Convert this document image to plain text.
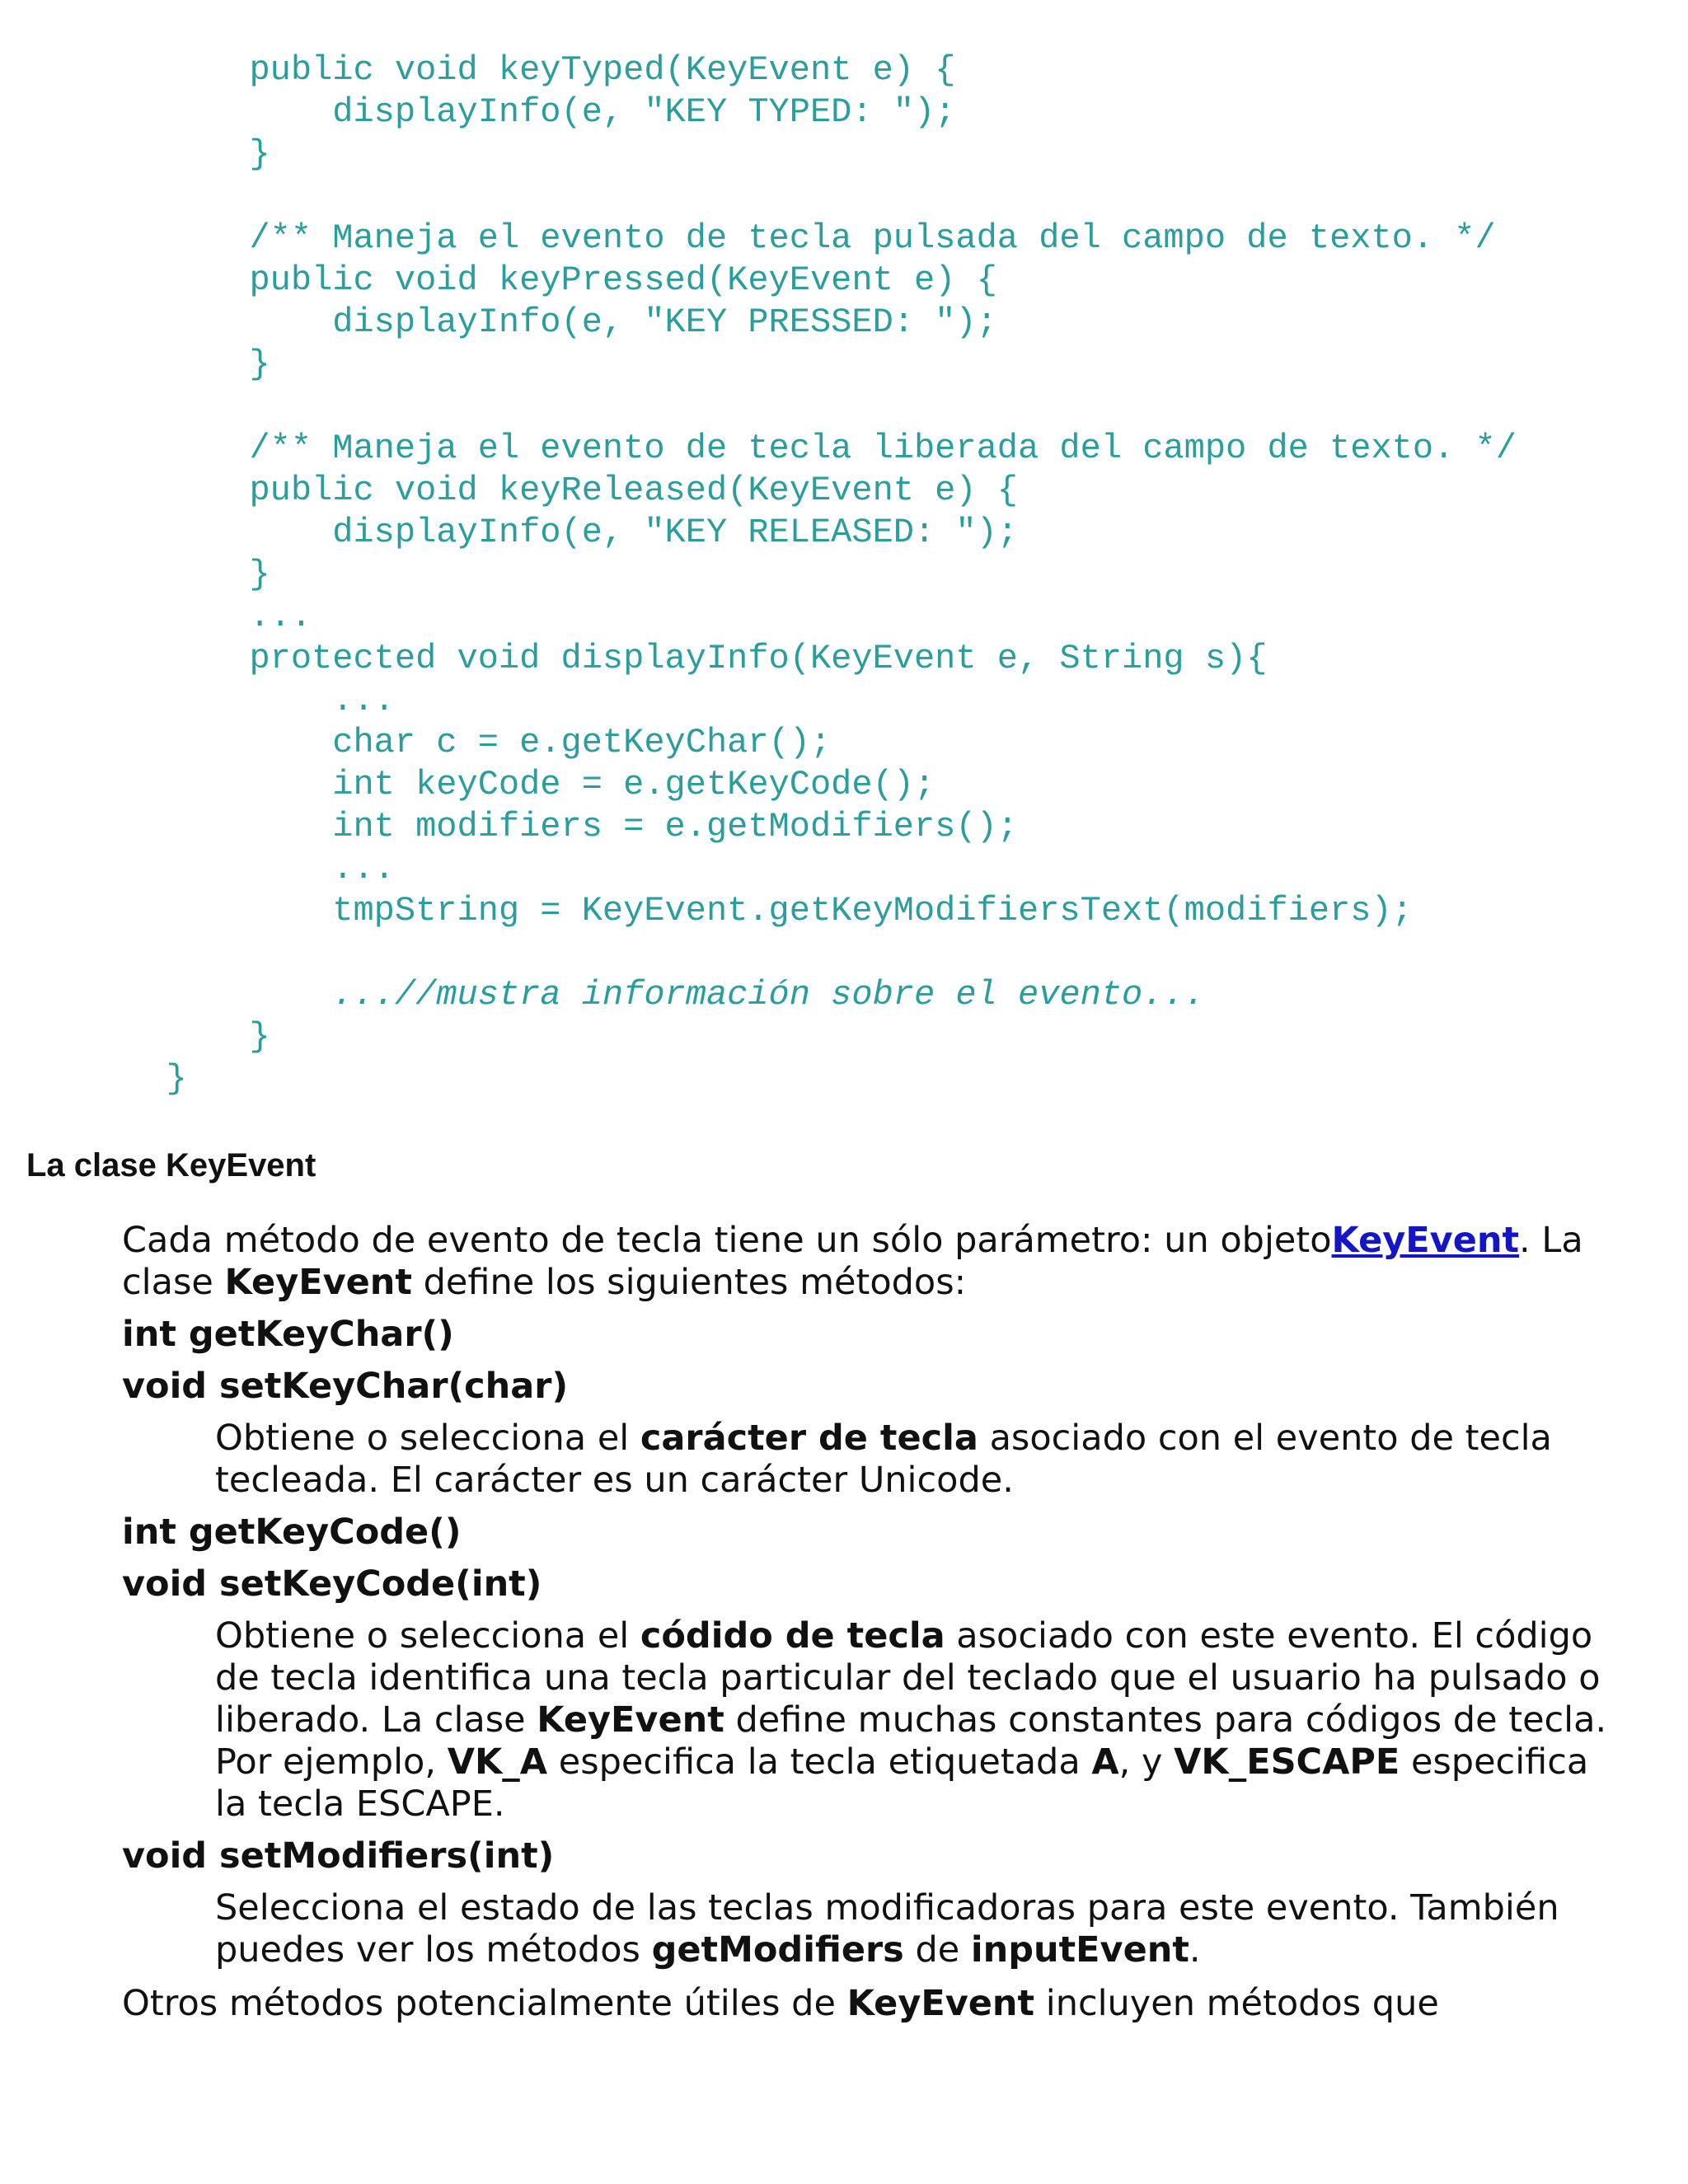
public void keyTyped(KeyEvent e) {
displayInfo(e, "KEY TYPED: ");
}
/** Maneja el evento de tecla pulsada del campo de texto. */
public void keyPressed(KeyEvent e) {
displayInfo(e, "KEY PRESSED: ");
}
/** Maneja el evento de tecla liberada del campo de texto. */
public void keyReleased(KeyEvent e) {
displayInfo(e, "KEY RELEASED: ");
}
...
protected void displayInfo(KeyEvent e, String s){
...
char c = e.getKeyChar();
int keyCode = e.getKeyCode();
int modifiers = e.getModifiers();
...
tmpString = KeyEvent.getKeyModifiersText(modifiers);
...//mustra información sobre el evento...
}
}
La clase KeyEvent

Cada método de evento de tecla tiene un sólo parámetro: un objetoKeyEvent. La clase KeyEvent define los siguientes métodos:

int getKeyChar()

void setKeyChar(char)

Obtiene o selecciona el carácter de tecla asociado con el evento de tecla tecleada. El carácter es un carácter Unicode.

int getKeyCode()

void setKeyCode(int)

Obtiene o selecciona el códido de tecla asociado con este evento. El código de tecla identifica una tecla particular del teclado que el usuario ha pulsado o liberado. La clase KeyEvent define muchas constantes para códigos de tecla. Por ejemplo, VK_A especifica la tecla etiquetada A, y VK_ESCAPE especifica la tecla ESCAPE.

void setModifiers(int)

Selecciona el estado de las teclas modificadoras para este evento. También puedes ver los métodos getModifiers de inputEvent.

Otros métodos potencialmente útiles de KeyEvent incluyen métodos que
